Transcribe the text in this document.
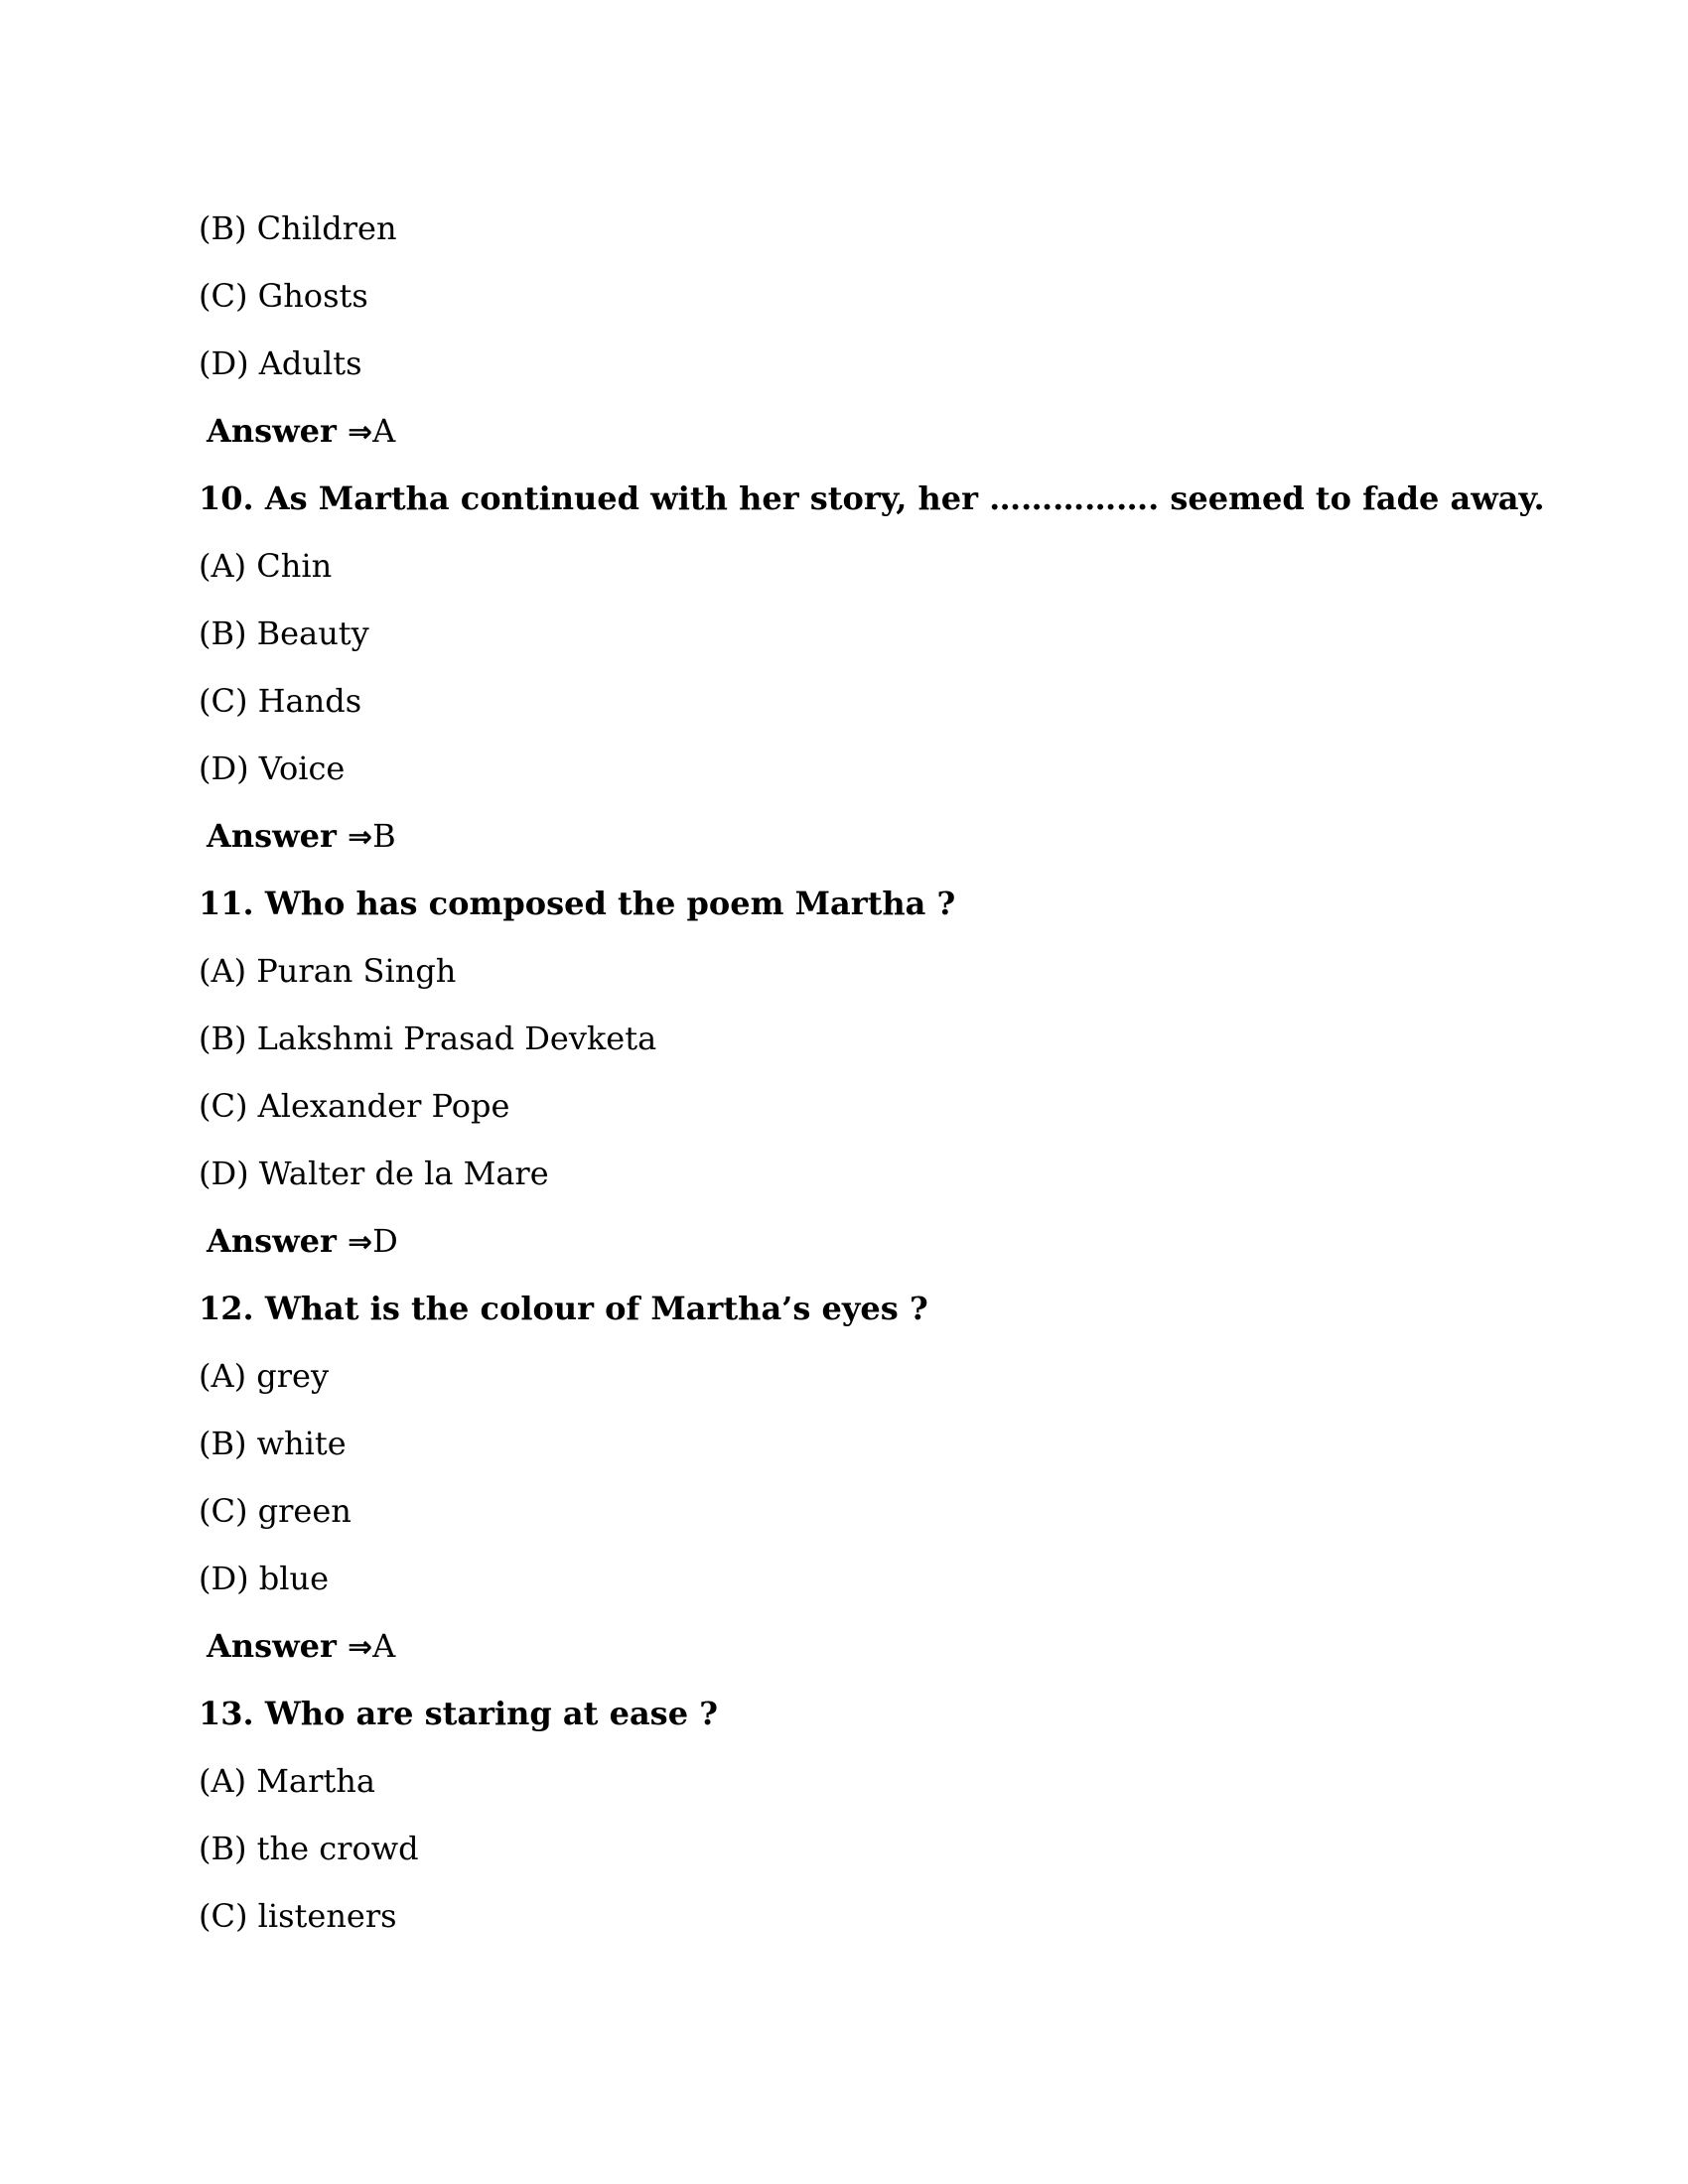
(B) Children
(C) Ghosts
(D) Adults
Answer ⇒A
10. As Martha continued with her story, her ……………. seemed to fade away.
(A) Chin
(B) Beauty
(C) Hands
(D) Voice
Answer ⇒B
11. Who has composed the poem Martha ?
(A) Puran Singh
(B) Lakshmi Prasad Devketa
(C) Alexander Pope
(D) Walter de la Mare
Answer ⇒D
12. What is the colour of Martha’s eyes ?
(A) grey
(B) white
(C) green
(D) blue
Answer ⇒A
13. Who are staring at ease ?
(A) Martha
(B) the crowd
(C) listeners
